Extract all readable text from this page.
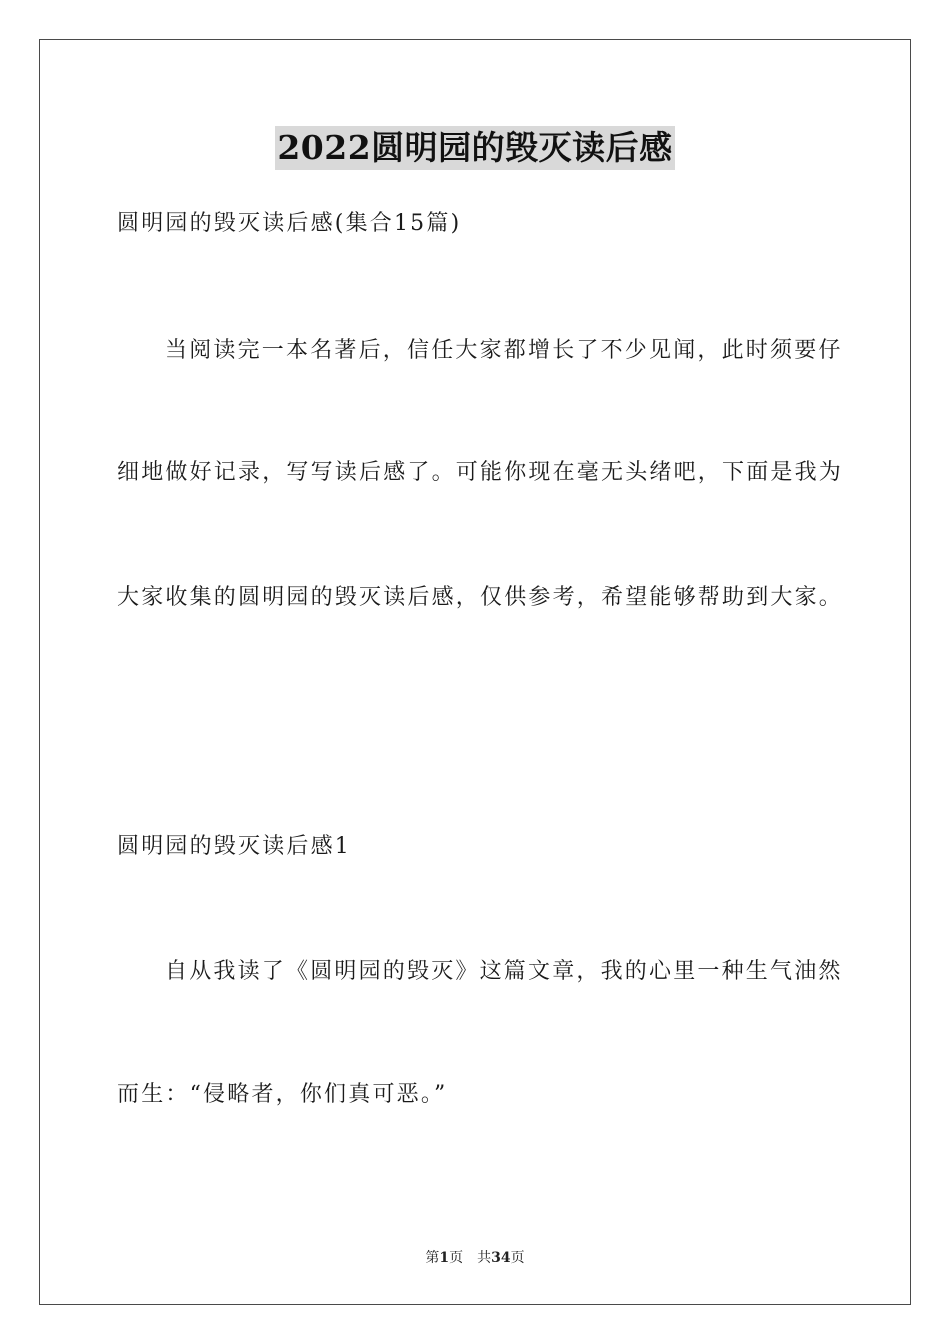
2022圆明园的毁灭读后感
圆明园的毁灭读后感(集合15篇)
当阅读完一本名著后，信任大家都增长了不少见闻，此时须要仔
细地做好记录，写写读后感了。可能你现在毫无头绪吧，下面是我为
大家收集的圆明园的毁灭读后感，仅供参考，希望能够帮助到大家。
圆明园的毁灭读后感1
自从我读了《圆明园的毁灭》这篇文章，我的心里一种生气油然
而生：“侵略者，你们真可恶。”
第1页 共34页
